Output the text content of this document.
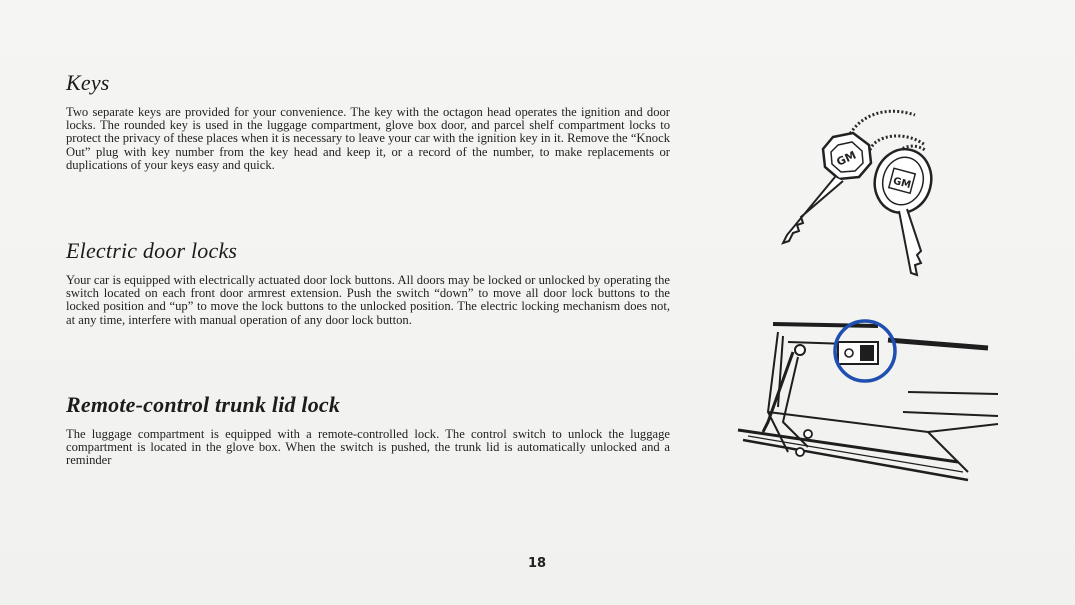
Keys

Two separate keys are provided for your convenience. The key with the octagon head operates the ignition and door locks. The rounded key is used in the luggage compartment, glove box door, and parcel shelf compartment locks to protect the privacy of these places when it is necessary to leave your car with the ignition key in it. Remove the “Knock Out” plug with key number from the key head and keep it, or a record of the number, to make replacements or duplications of your keys easy and quick.

Electric door locks

Your car is equipped with electrically actuated door lock buttons. All doors may be locked or unlocked by operating the switch located on each front door armrest extension. Push the switch “down” to move all door lock buttons to the locked position and “up” to move the lock buttons to the unlocked position. The electric locking mechanism does not, at any time, interfere with manual operation of any door lock button.

Remote-control trunk lid lock

The luggage compartment is equipped with a remote-controlled lock. The control switch to unlock the luggage compartment is located in the glove box. When the switch is pushed, the trunk lid is automatically unlocked and a reminder

GM
GM
18
